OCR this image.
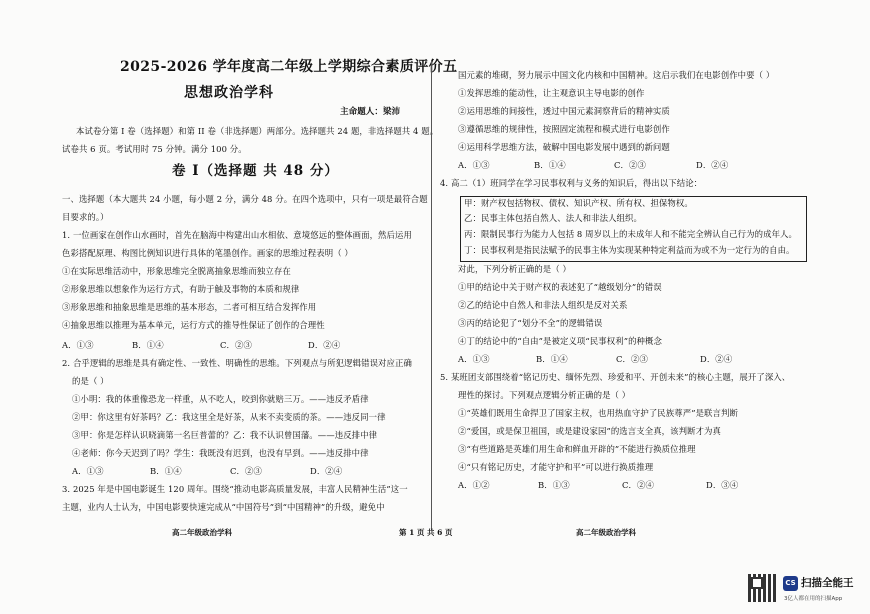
2025-2026 学年度高二年级上学期综合素质评价五
思想政治学科
主命题人：梁沛
本试卷分第 I 卷（选择题）和第 II 卷（非选择题）两部分。选择题共 24 题，非选择题共 4 题。
试卷共 6 页。考试用时 75 分钟。满分 100 分。
卷 I（选择题 共 48 分）
一、选择题（本大题共 24 小题，每小题 2 分，满分 48 分。在四个选项中，只有一项是最符合题
目要求的。）
1. 一位画家在创作山水画时，首先在脑海中构建出山水相依、意境悠远的整体画面，然后运用
色彩搭配原理、构图比例知识进行具体的笔墨创作。画家的思维过程表明（ ）
①在实际思维活动中，形象思维完全脱离抽象思维而独立存在
②形象思维以想象作为运行方式，有助于触及事物的本质和规律
③形象思维和抽象思维是思维的基本形态，二者可相互结合发挥作用
④抽象思维以推理为基本单元，运行方式的推导性保证了创作的合理性
A．①③	B．①④	C．②③	D．②④
2. 合乎逻辑的思维是具有确定性、一致性、明确性的思维。下列观点与所犯逻辑错误对应正确
的是（ ）
①小明：我的体重像恐龙一样重，从不吃人，咬到你就赔三万。——违反矛盾律
②甲：你这里有好茶吗？乙：我这里全是好茶，从来不卖变质的茶。——违反同一律
③甲：你是怎样认识晓滴第一名巨普蕾的？乙：我不认识曾国藩。——违反排中律
④老师：你今天迟到了吗？学生：我既没有迟到，也没有早到。——违反排中律
A．①③	B．①④	C．②③	D．②④
3. 2025 年是中国电影诞生 120 周年。围绕“推动电影高质量发展，丰富人民精神生活”这一
主题，业内人士认为，中国电影要快速完成从“中国符号”到“中国精神”的升级，避免中
国元素的堆砌，努力展示中国文化内核和中国精神。这启示我们在电影创作中要（ ）
①发挥思维的能动性，让主观意识主导电影的创作
②运用思维的间接性，透过中国元素洞察背后的精神实质
③遵循思维的规律性，按照固定流程和模式进行电影创作
④运用科学思维方法，破解中国电影发展中遇到的新问题
A．①③	B．①④	C．②③	D．②④
4. 高二（1）班同学在学习民事权利与义务的知识后，得出以下结论：
甲：财产权包括物权、债权、知识产权、所有权、担保物权。
乙：民事主体包括自然人、法人和非法人组织。
丙：限制民事行为能力人包括 8 周岁以上的未成年人和不能完全辨认自己行为的成年人。
丁：民事权利是指民法赋予的民事主体为实现某种特定利益而为或不为一定行为的自由。
对此，下列分析正确的是（ ）
①甲的结论中关于财产权的表述犯了“越级划分”的错误
②乙的结论中自然人和非法人组织是反对关系
③丙的结论犯了“划分不全”的逻辑错误
④丁的结论中的“自由”是被定义项“民事权利”的种概念
A．①③	B．①④	C．②③	D．②④
5. 某班团支部围绕着“铭记历史、缅怀先烈、珍爱和平、开创未来”的核心主题，展开了深入、
理性的探讨。下列观点逻辑分析正确的是（ ）
①“英雄们既用生命捍卫了国家主权，也用热血守护了民族尊严”是联言判断
②“爱国，或是保卫祖国，或是建设家园”的选言支全真，该判断才为真
③“有些道路是英雄们用生命和鲜血开辟的”不能进行换质位推理
④“只有铭记历史，才能守护和平”可以进行换质推理
A．①②	B．①③	C．②④	D．③④
高二年级政治学科	第 1 页 共 6 页	高二年级政治学科
CS 扫描全能王
3亿人都在用的扫描App
